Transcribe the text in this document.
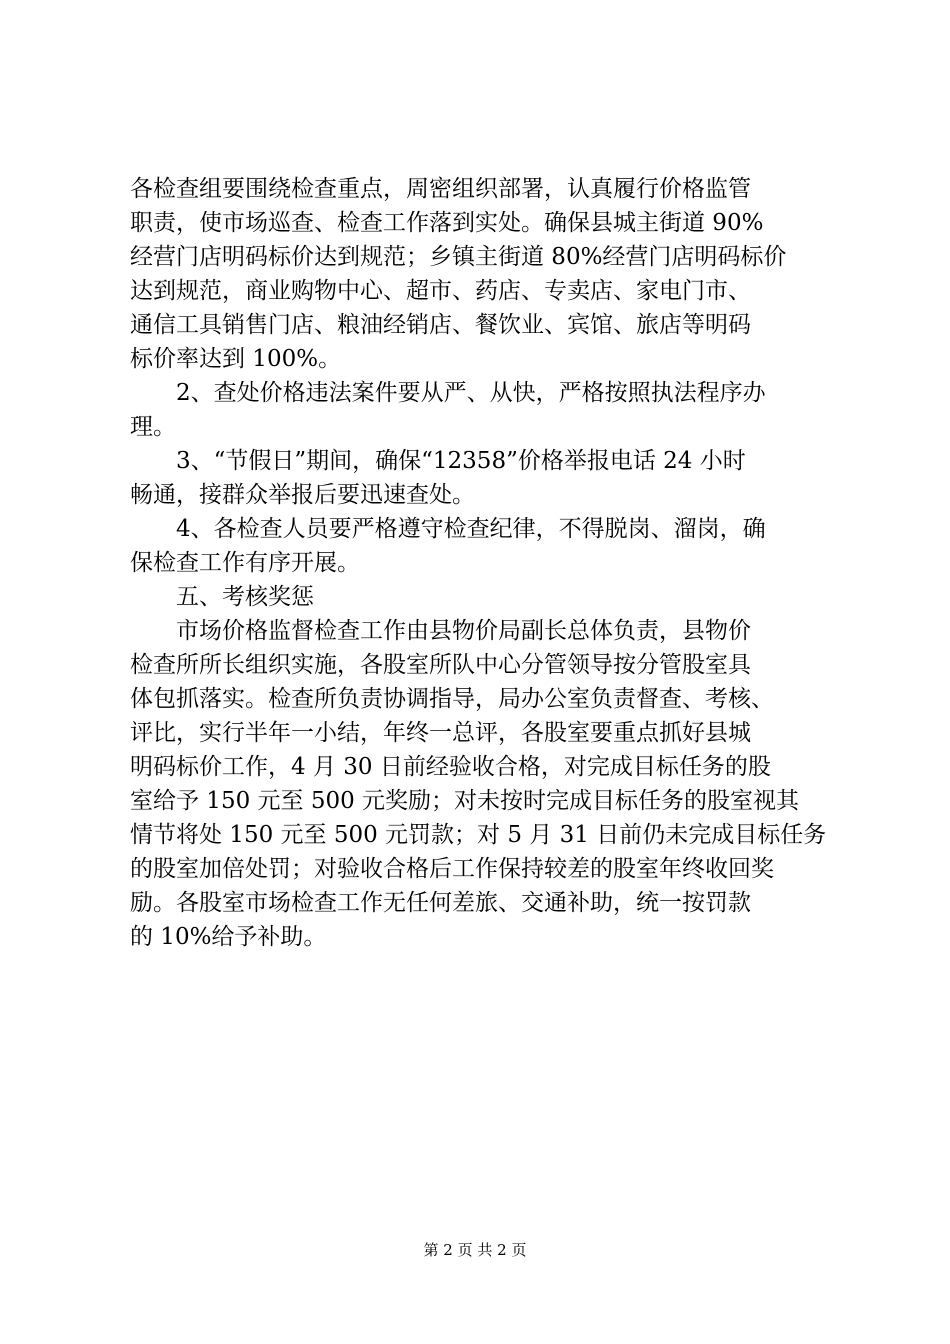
各检查组要围绕检查重点，周密组织部署，认真履行价格监管
职责，使市场巡查、检查工作落到实处。确保县城主街道 90%
经营门店明码标价达到规范；乡镇主街道 80%经营门店明码标价
达到规范，商业购物中心、超市、药店、专卖店、家电门市、
通信工具销售门店、粮油经销店、餐饮业、宾馆、旅店等明码
标价率达到 100%。
　　2、查处价格违法案件要从严、从快，严格按照执法程序办
理。
　　3、“节假日”期间，确保“12358”价格举报电话 24 小时
畅通，接群众举报后要迅速查处。
　　4、各检查人员要严格遵守检查纪律，不得脱岗、溜岗，确
保检查工作有序开展。
　　五、考核奖惩
　　市场价格监督检查工作由县物价局副长总体负责，县物价
检查所所长组织实施，各股室所队中心分管领导按分管股室具
体包抓落实。检查所负责协调指导，局办公室负责督查、考核、
评比，实行半年一小结，年终一总评，各股室要重点抓好县城
明码标价工作，4 月 30 日前经验收合格，对完成目标任务的股
室给予 150 元至 500 元奖励；对未按时完成目标任务的股室视其
情节将处 150 元至 500 元罚款；对 5 月 31 日前仍未完成目标任务
的股室加倍处罚；对验收合格后工作保持较差的股室年终收回奖
励。各股室市场检查工作无任何差旅、交通补助，统一按罚款
的 10%给予补助。
第 2 页 共 2 页
